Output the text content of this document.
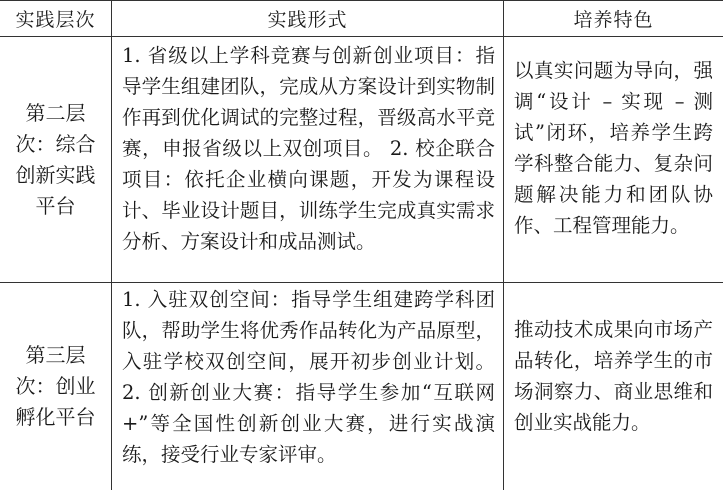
实践层次	实践形式	培养特色
第二层次：综合创新实践平台
1. 省级以上学科竞赛与创新创业项目：指导学生组建团队，完成从方案设计到实物制作再到优化调试的完整过程，晋级高水平竞赛，申报省级以上双创项目。 2. 校企联合项目：依托企业横向课题，开发为课程设计、毕业设计题目，训练学生完成真实需求分析、方案设计和成品测试。
以真实问题为导向，强调“设计 – 实现 – 测试”闭环，培养学生跨学科整合能力、复杂问题解决能力和团队协作、工程管理能力。
第三层次：创业孵化平台
1. 入驻双创空间：指导学生组建跨学科团队，帮助学生将优秀作品转化为产品原型，入驻学校双创空间，展开初步创业计划。 2. 创新创业大赛：指导学生参加“互联网 +”等全国性创新创业大赛，进行实战演练，接受行业专家评审。
推动技术成果向市场产品转化，培养学生的市场洞察力、商业思维和创业实战能力。
